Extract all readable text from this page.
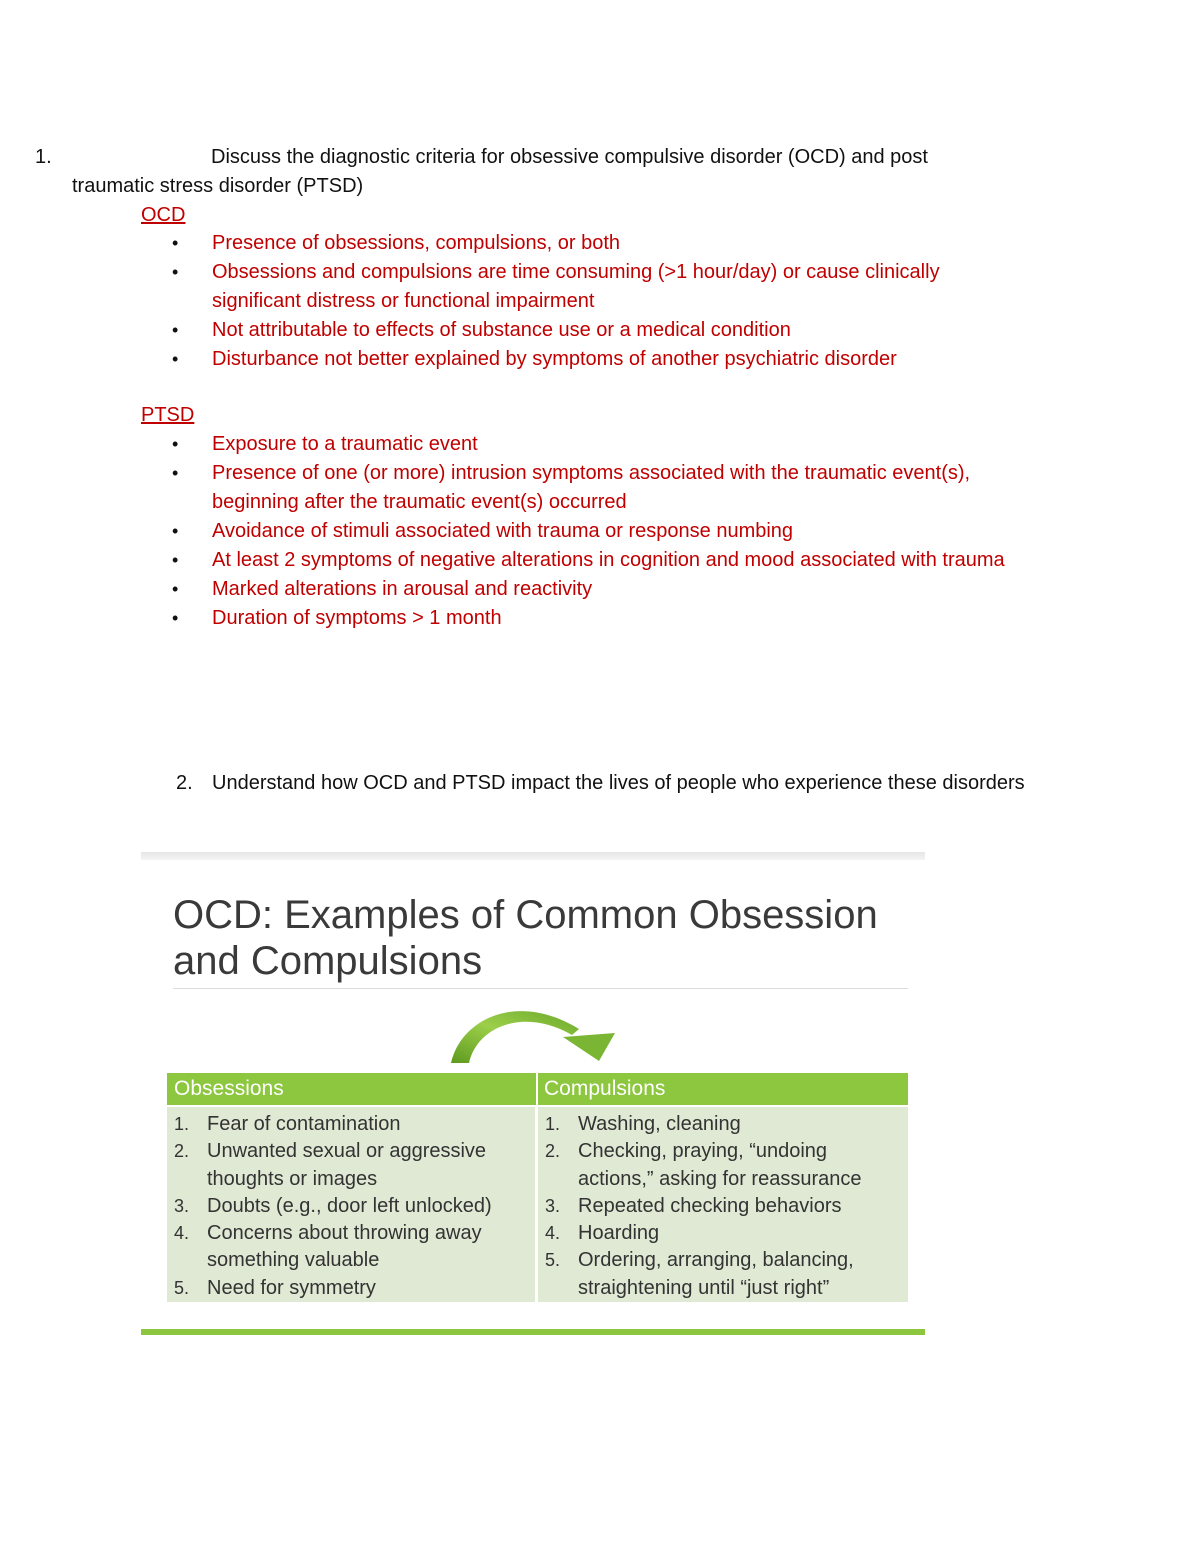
1.	Discuss the diagnostic criteria for obsessive compulsive disorder (OCD) and post
traumatic stress disorder (PTSD)
OCD
• Presence of obsessions, compulsions, or both
• Obsessions and compulsions are time consuming (>1 hour/day) or cause clinically significant distress or functional impairment
• Not attributable to effects of substance use or a medical condition
• Disturbance not better explained by symptoms of another psychiatric disorder
PTSD
• Exposure to a traumatic event
• Presence of one (or more) intrusion symptoms associated with the traumatic event(s), beginning after the traumatic event(s) occurred
• Avoidance of stimuli associated with trauma or response numbing
• At least 2 symptoms of negative alterations in cognition and mood associated with trauma
• Marked alterations in arousal and reactivity
• Duration of symptoms > 1 month
2. Understand how OCD and PTSD impact the lives of people who experience these disorders
OCD: Examples of Common Obsession and Compulsions
Obsessions	Compulsions
1. Fear of contamination
2. Unwanted sexual or aggressive thoughts or images
3. Doubts (e.g., door left unlocked)
4. Concerns about throwing away something valuable
5. Need for symmetry
1. Washing, cleaning
2. Checking, praying, “undoing actions,” asking for reassurance
3. Repeated checking behaviors
4. Hoarding
5. Ordering, arranging, balancing, straightening until “just right”
